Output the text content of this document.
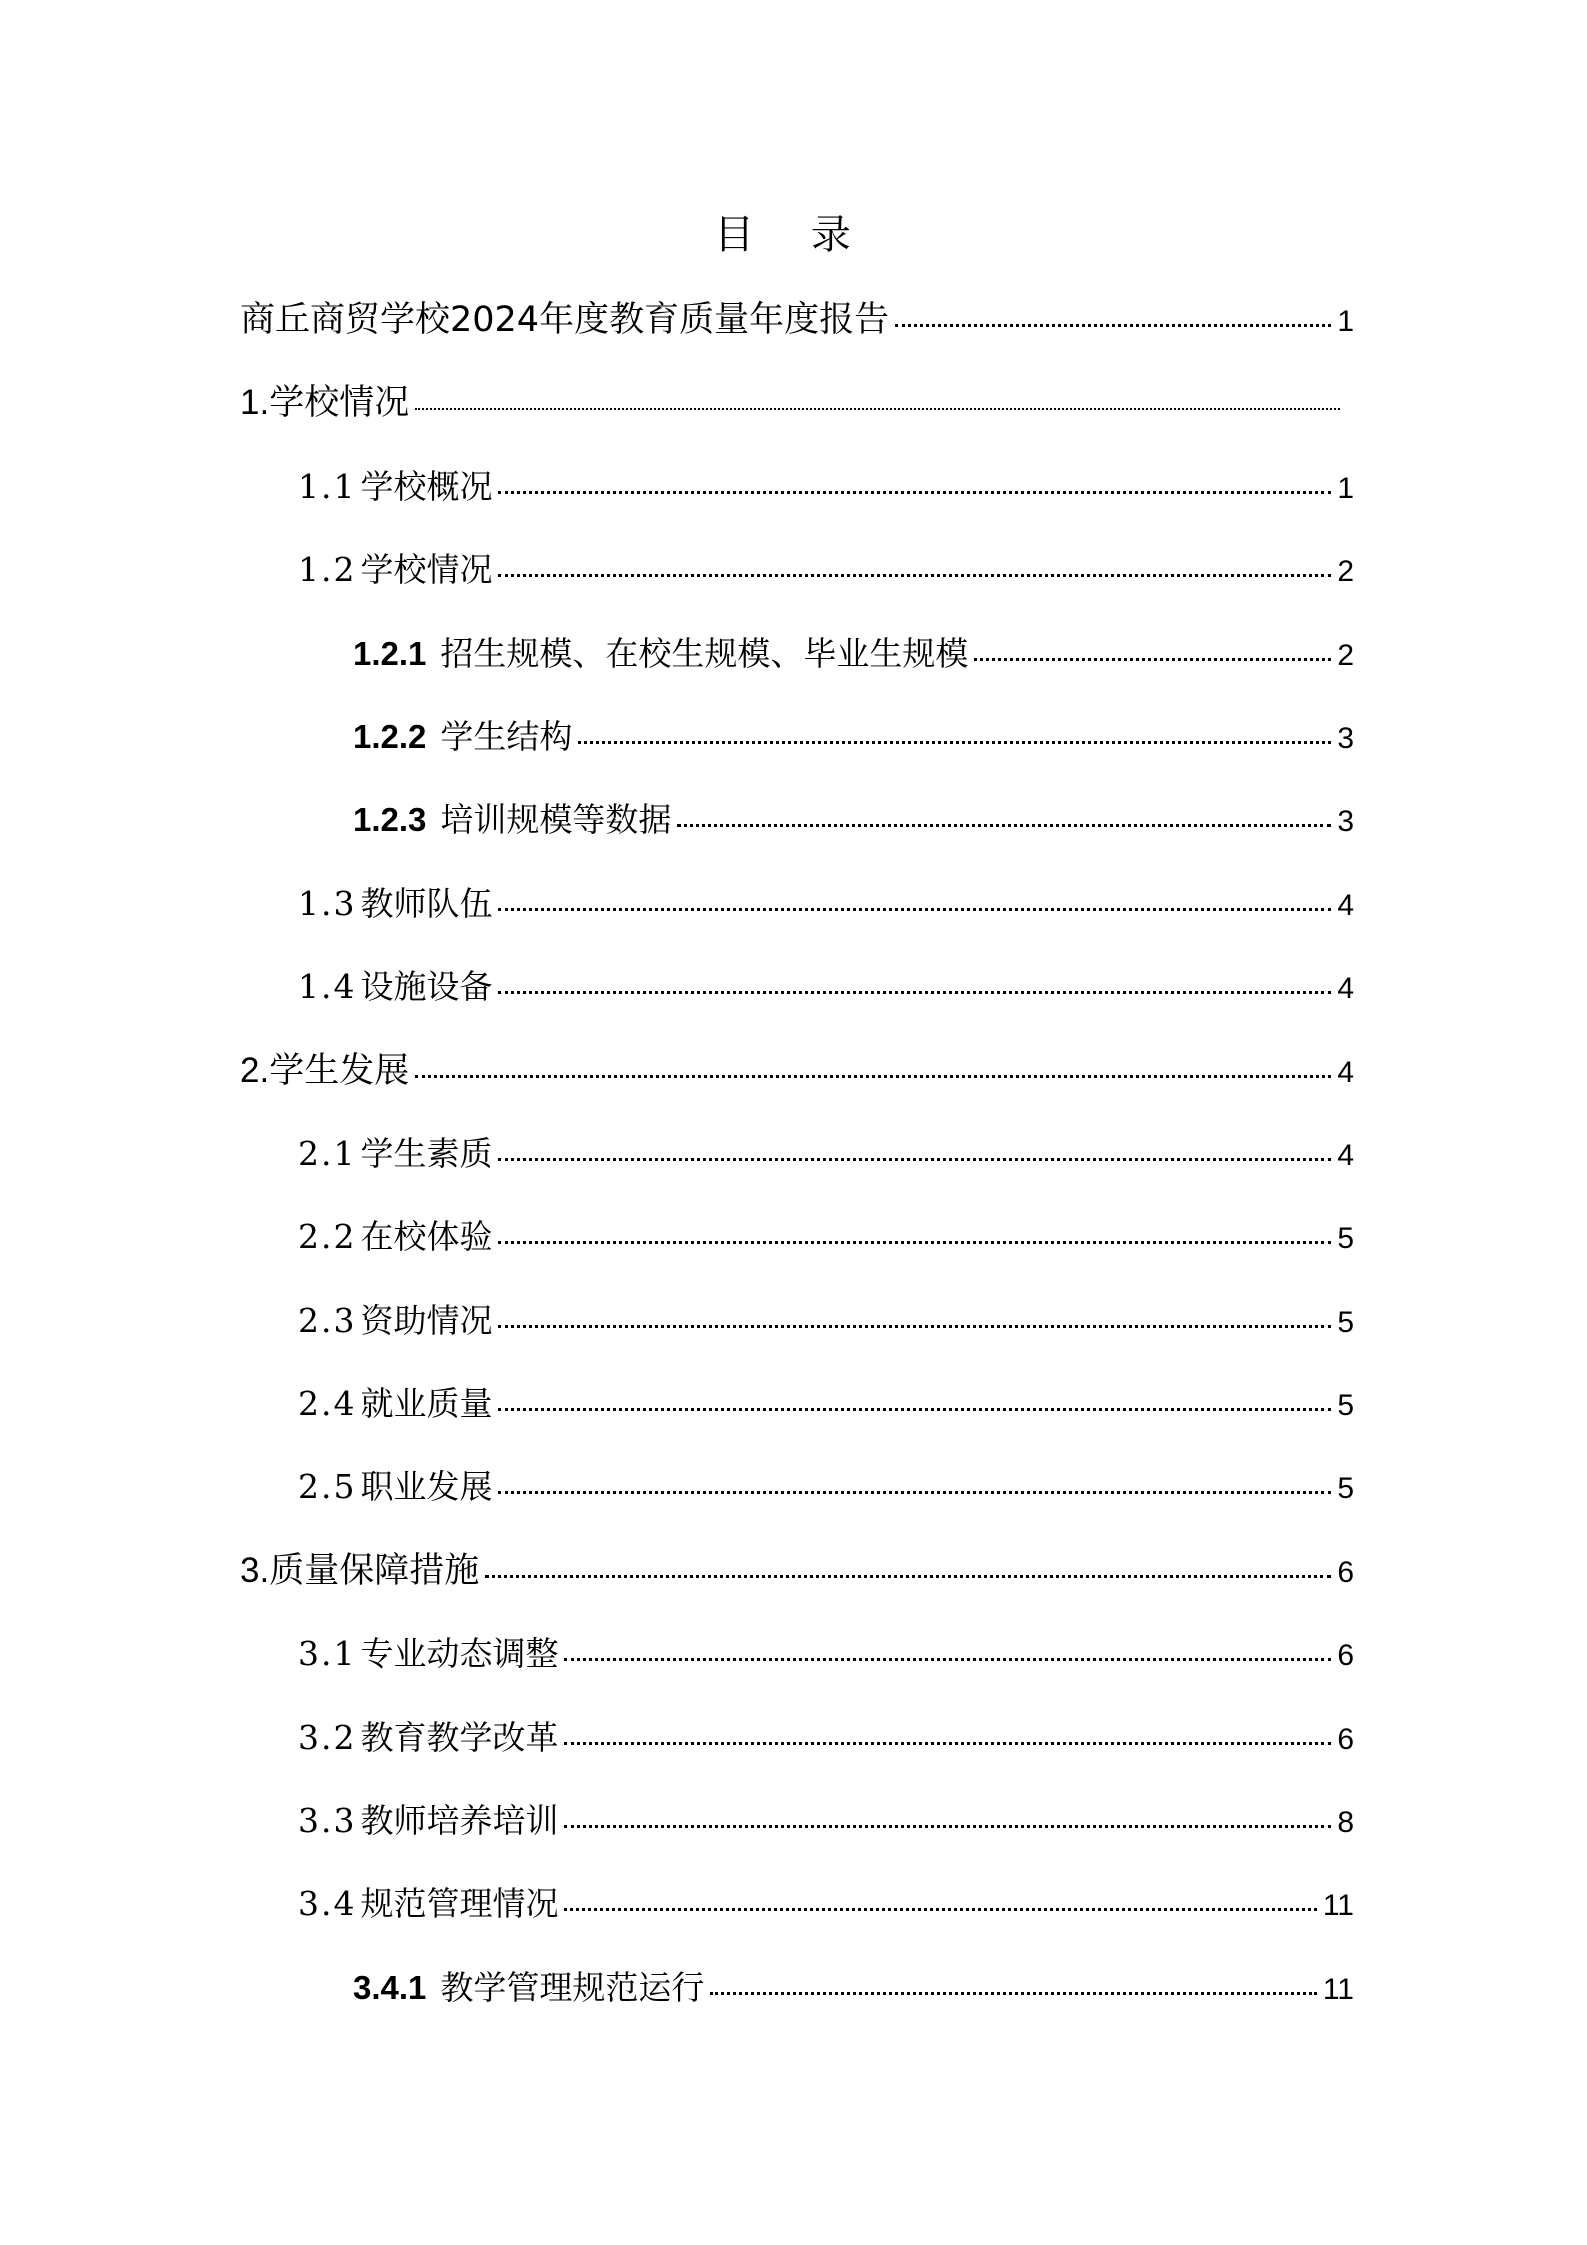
目 录
商丘商贸学校2024年度教育质量年度报告	1
1.学校情况
1.1 学校概况	1
1.2 学校情况	2
1.2.1 招生规模、在校生规模、毕业生规模	2
1.2.2 学生结构	3
1.2.3 培训规模等数据	3
1.3 教师队伍	4
1.4 设施设备	4
2.学生发展	4
2.1 学生素质	4
2.2 在校体验	5
2.3 资助情况	5
2.4 就业质量	5
2.5 职业发展	5
3.质量保障措施	6
3.1 专业动态调整	6
3.2 教育教学改革	6
3.3 教师培养培训	8
3.4 规范管理情况	11
3.4.1 教学管理规范运行	11
